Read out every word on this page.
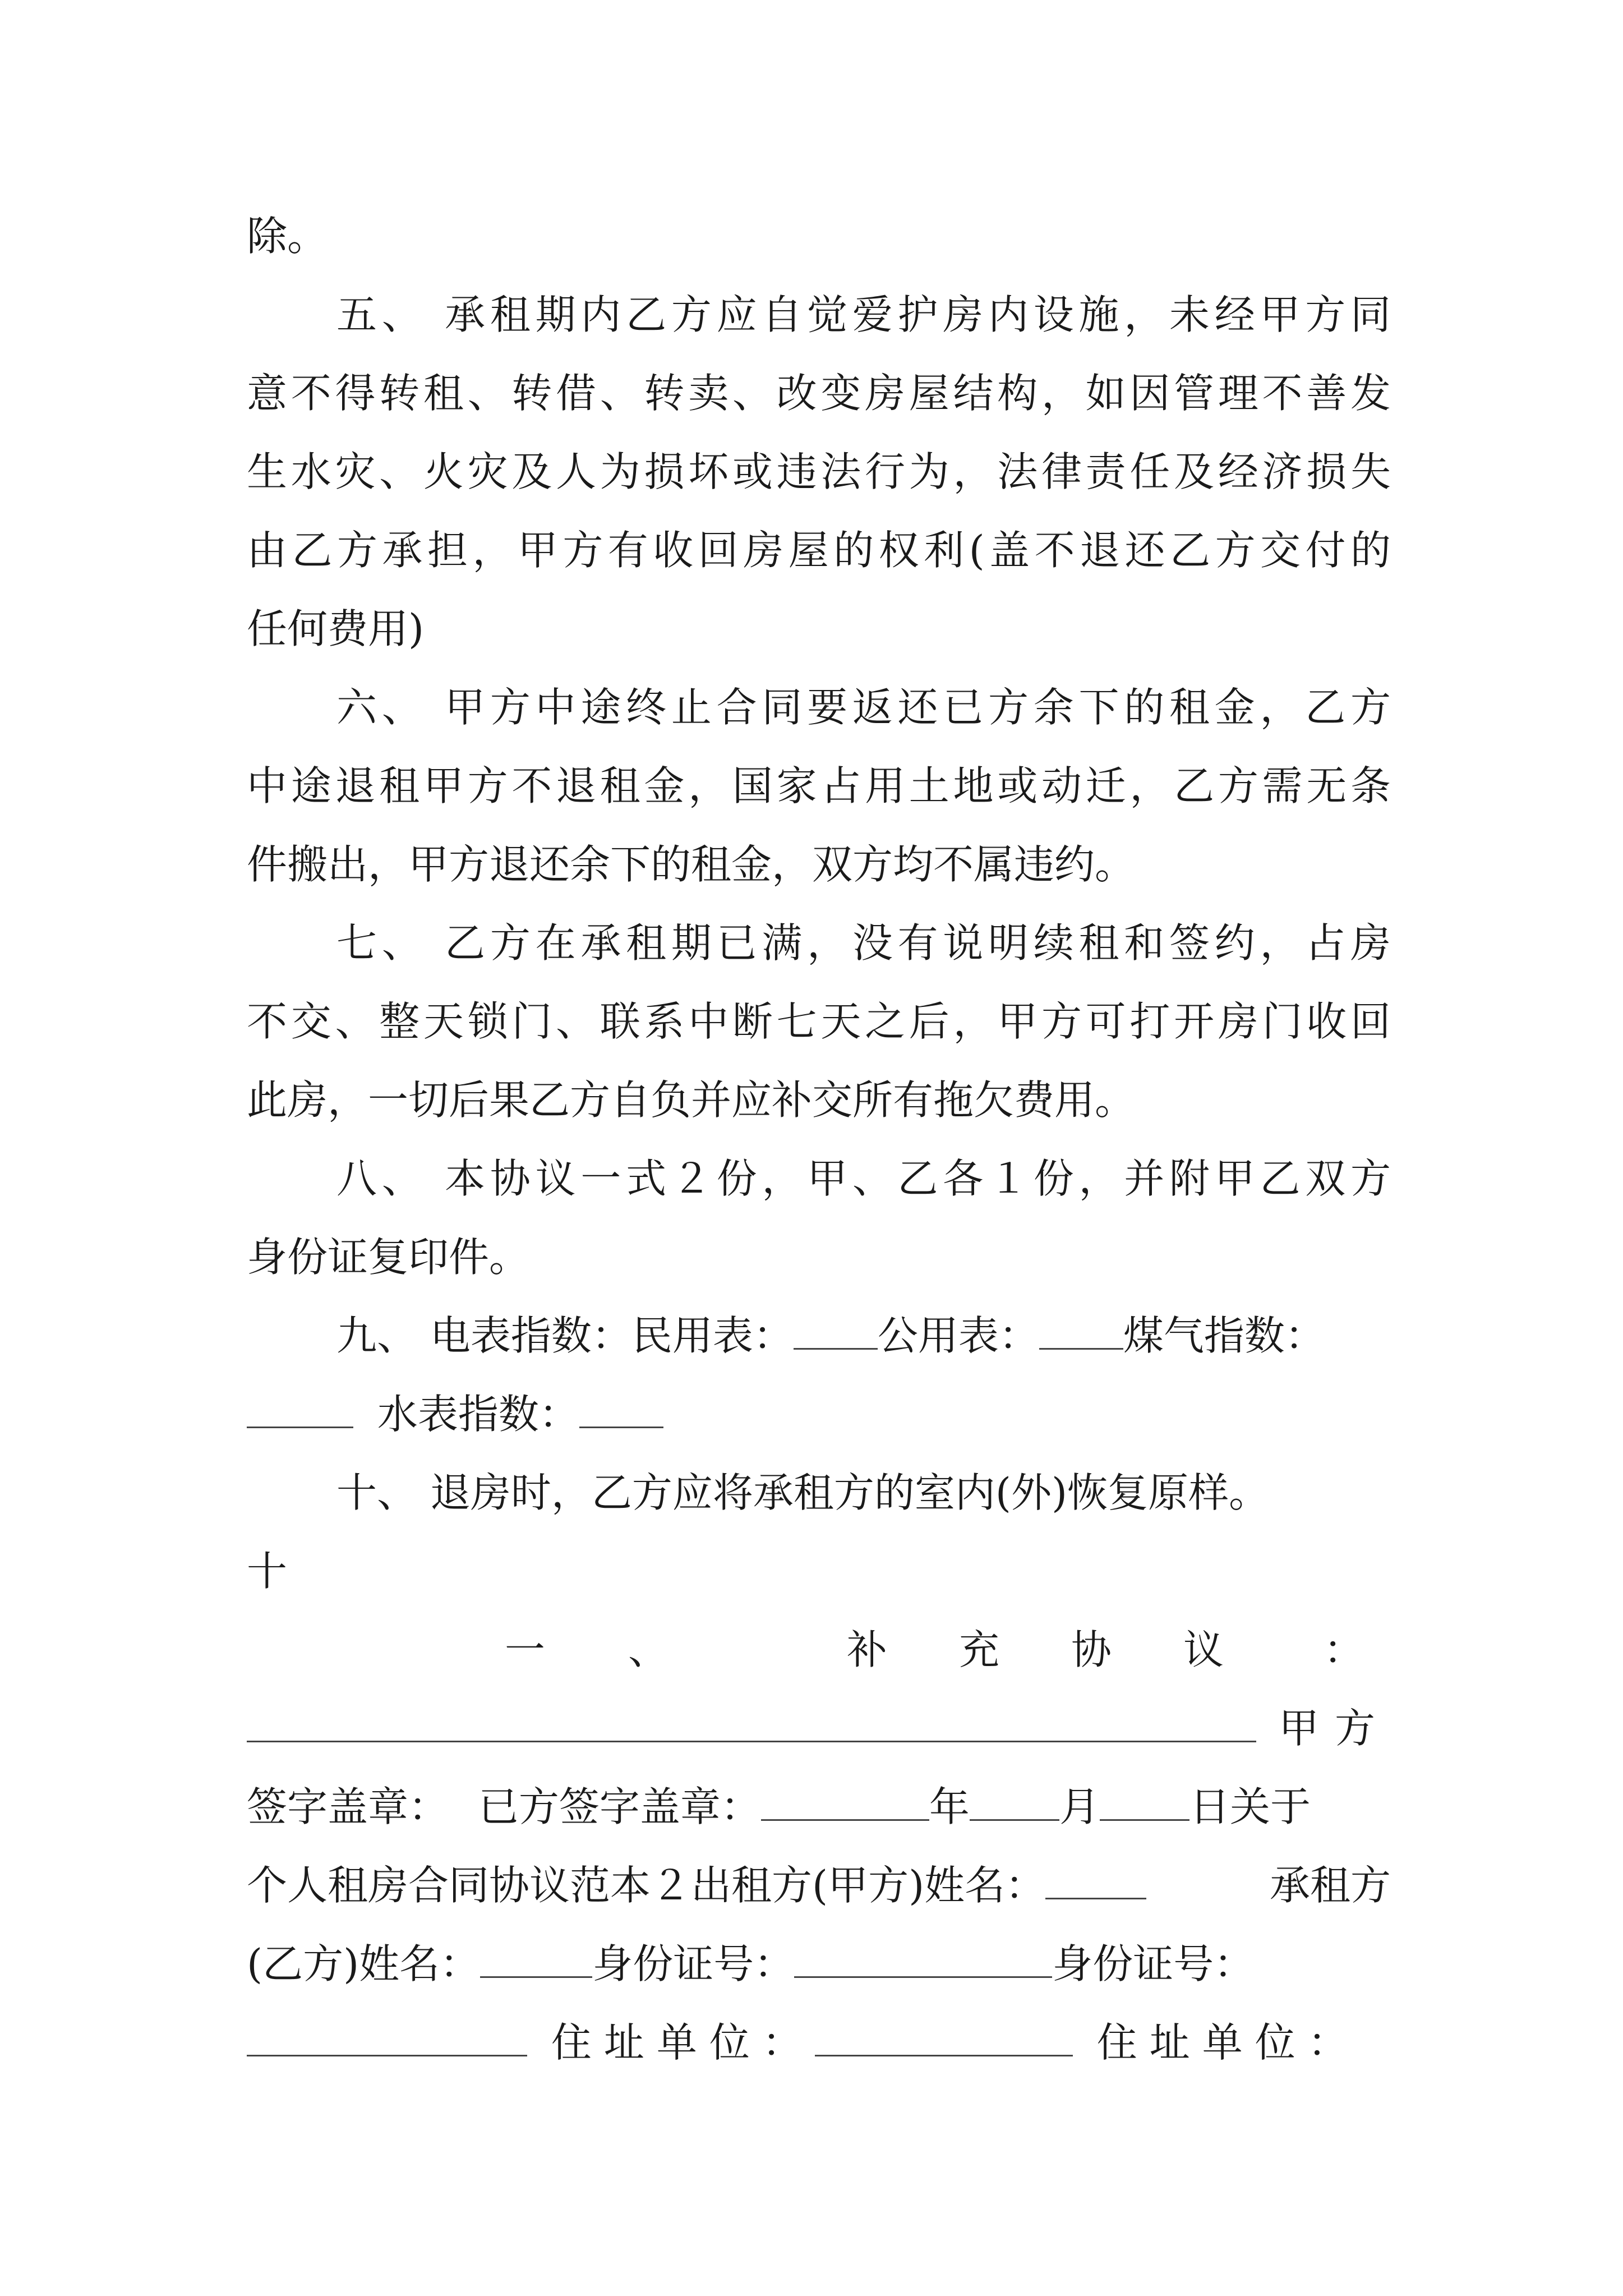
除。
五、 承租期内乙方应自觉爱护房内设施，未经甲方同
意不得转租、转借、转卖、改变房屋结构，如因管理不善发
生水灾、火灾及人为损坏或违法行为，法律责任及经济损失
由乙方承担，甲方有收回房屋的权利(盖不退还乙方交付的
任何费用)
六、 甲方中途终止合同要返还已方余下的租金，乙方
中途退租甲方不退租金，国家占用土地或动迁，乙方需无条
件搬出，甲方退还余下的租金，双方均不属违约。
七、 乙方在承租期已满，没有说明续租和签约，占房
不交、整天锁门、联系中断七天之后，甲方可打开房门收回
此房，一切后果乙方自负并应补交所有拖欠费用。
八、 本协议一式２份，甲、乙各１份，并附甲乙双方
身份证复印件。
九、 电表指数：民用表： 公用表： 煤气指数：
水表指数：
十、 退房时，乙方应将承租方的室内(外)恢复原样。
十
一 、	补 充 协 议 ：
甲方
签字盖章： 已方签字盖章：	年 月 日关于
个人租房合同协议范本２出租方(甲方)姓名：	承租方
(乙方)姓名：	身份证号：	身份证号：
住址单位：	住址单位：
